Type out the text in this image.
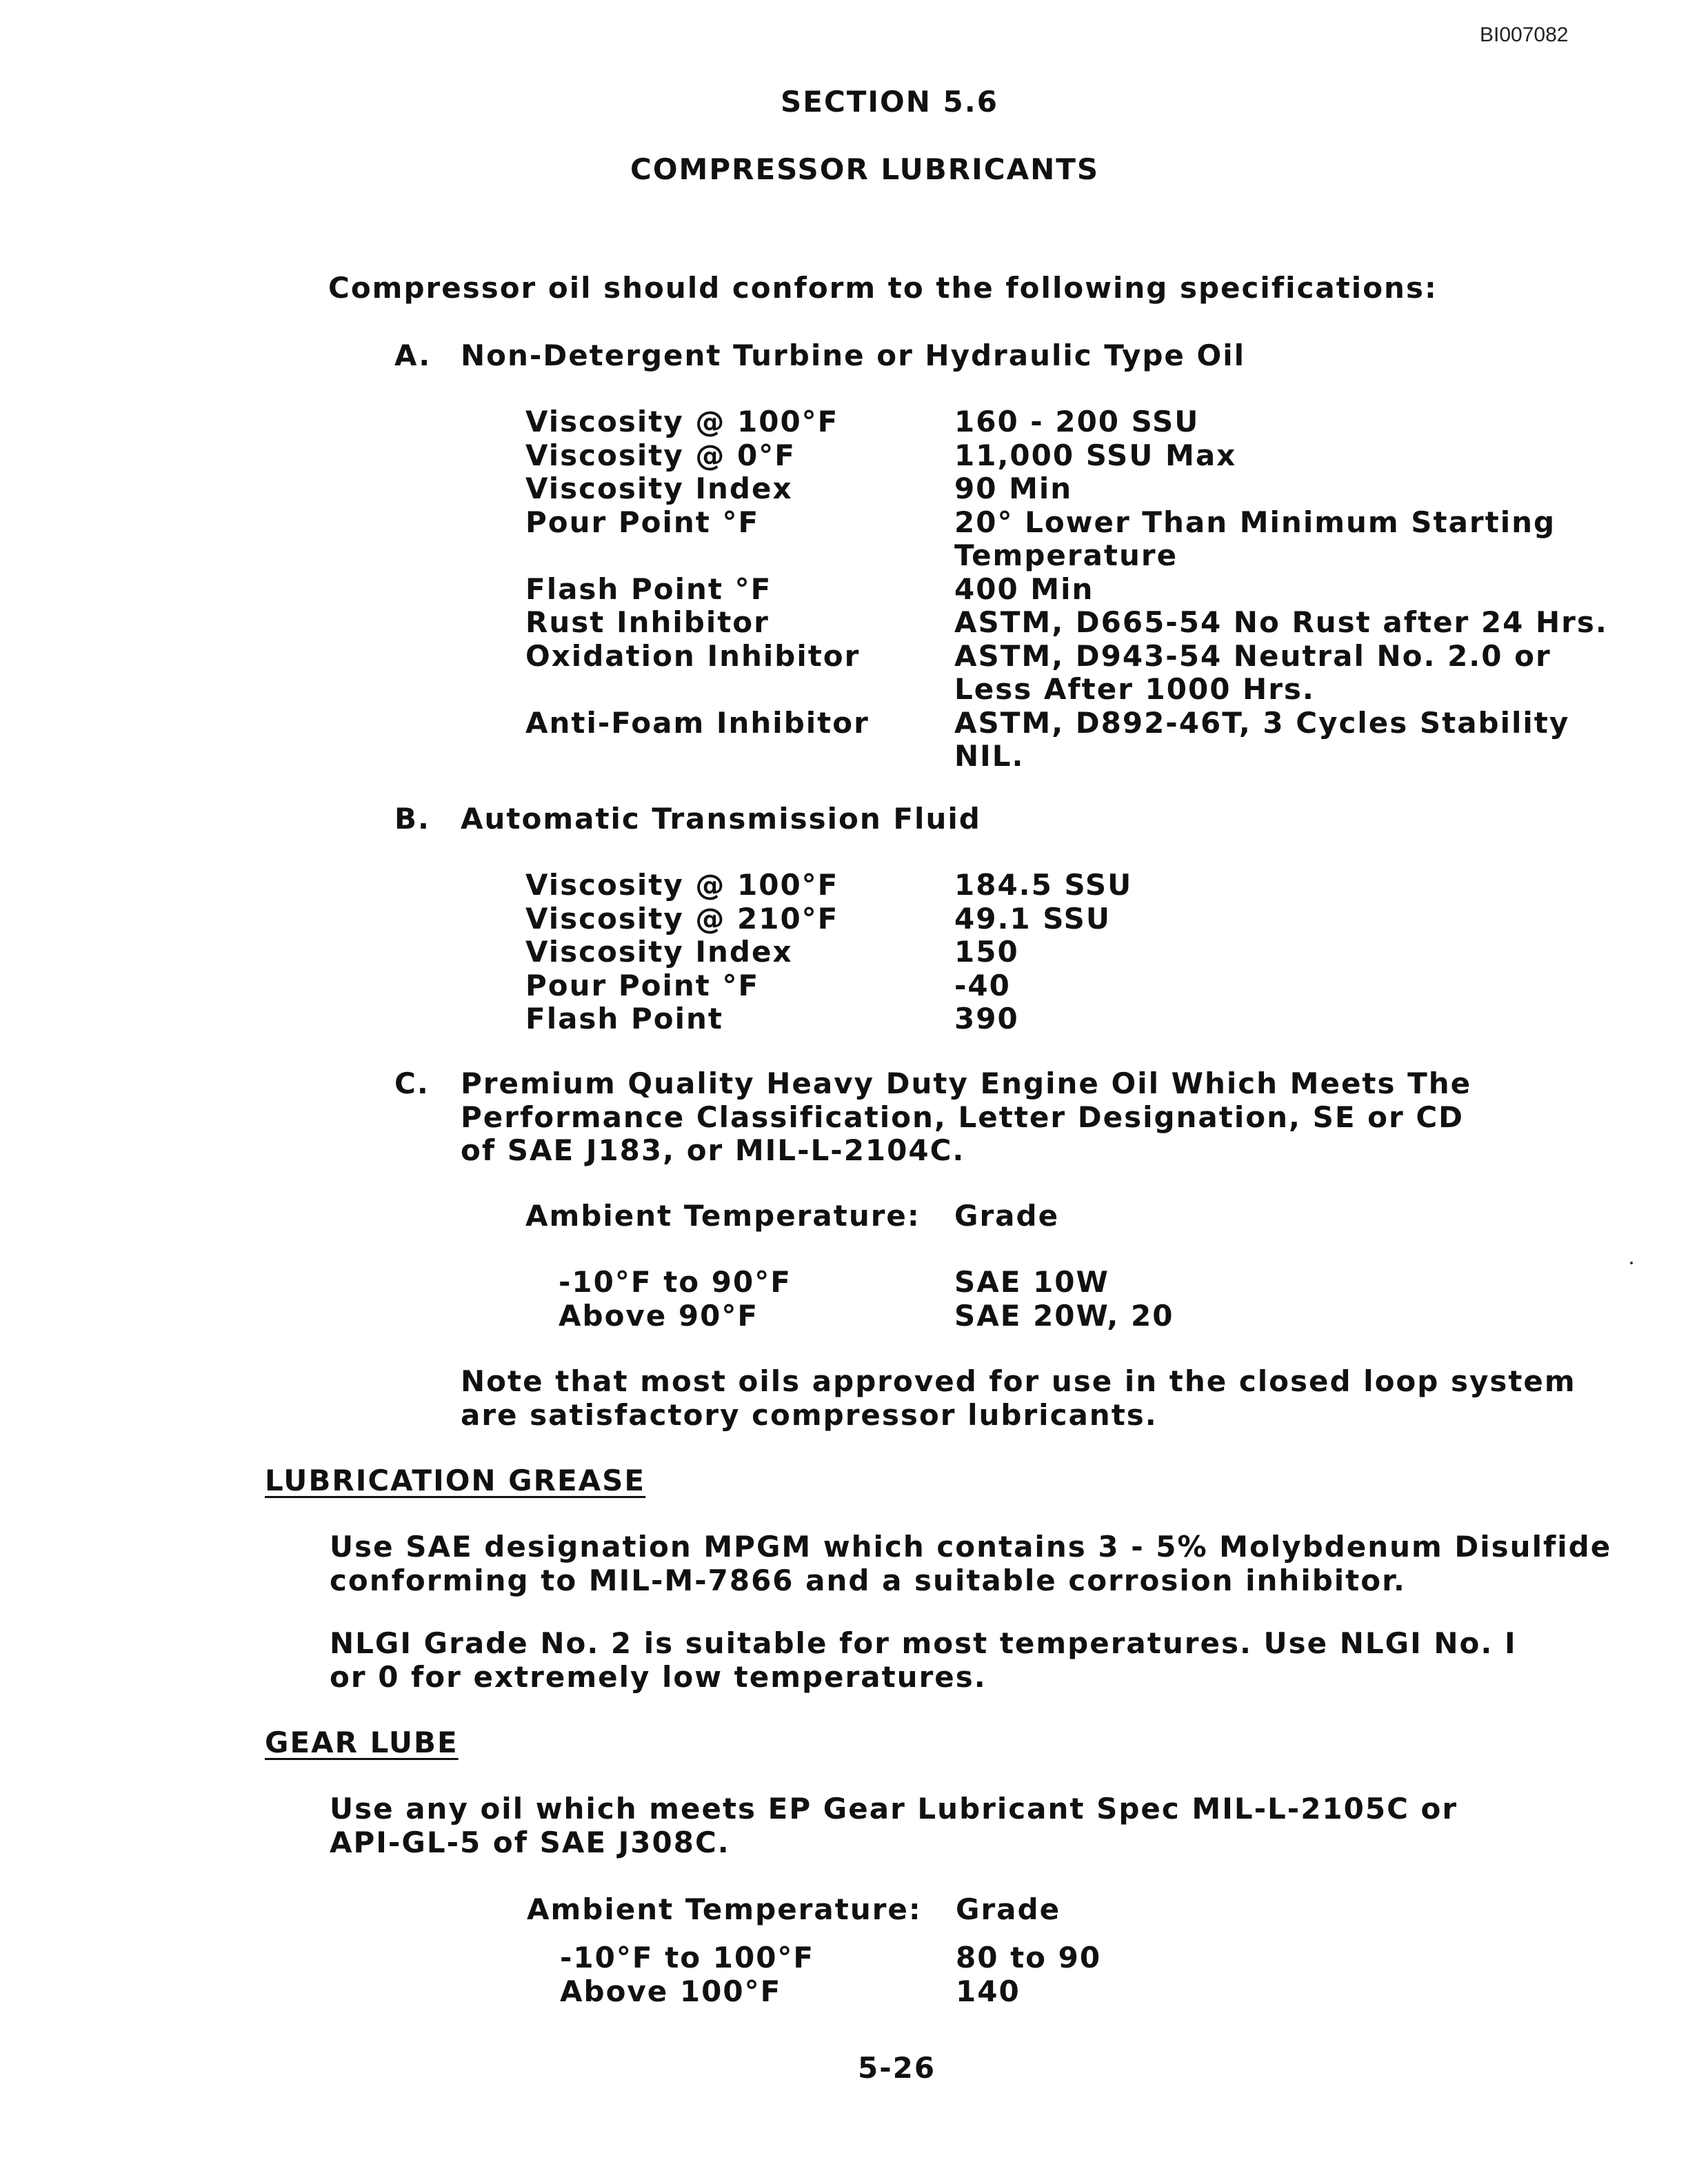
BI007082
SECTION 5.6
COMPRESSOR LUBRICANTS
Compressor oil should conform to the following specifications:
A. Non-Detergent Turbine or Hydraulic Type Oil
Viscosity @ 100°F	160 - 200 SSU
Viscosity @ 0°F	11,000 SSU Max
Viscosity Index	90 Min
Pour Point °F	20° Lower Than Minimum Starting
Temperature
Flash Point °F	400 Min
Rust Inhibitor	ASTM, D665-54 No Rust after 24 Hrs.
Oxidation Inhibitor	ASTM, D943-54 Neutral No. 2.0 or
Less After 1000 Hrs.
Anti-Foam Inhibitor	ASTM, D892-46T, 3 Cycles Stability
NIL.
B. Automatic Transmission Fluid
Viscosity @ 100°F	184.5 SSU
Viscosity @ 210°F	49.1 SSU
Viscosity Index	150
Pour Point °F	-40
Flash Point	390
C. Premium Quality Heavy Duty Engine Oil Which Meets The
Performance Classification, Letter Designation, SE or CD
of SAE J183, or MIL-L-2104C.
Ambient Temperature:	Grade
-10°F to 90°F	SAE 10W
Above 90°F	SAE 20W, 20
Note that most oils approved for use in the closed loop system
are satisfactory compressor lubricants.
LUBRICATION GREASE
Use SAE designation MPGM which contains 3 - 5% Molybdenum Disulfide
conforming to MIL-M-7866 and a suitable corrosion inhibitor.
NLGI Grade No. 2 is suitable for most temperatures. Use NLGI No. I
or 0 for extremely low temperatures.
GEAR LUBE
Use any oil which meets EP Gear Lubricant Spec MIL-L-2105C or
API-GL-5 of SAE J308C.
Ambient Temperature:	Grade
-10°F to 100°F	80 to 90
Above 100°F	140
5-26
